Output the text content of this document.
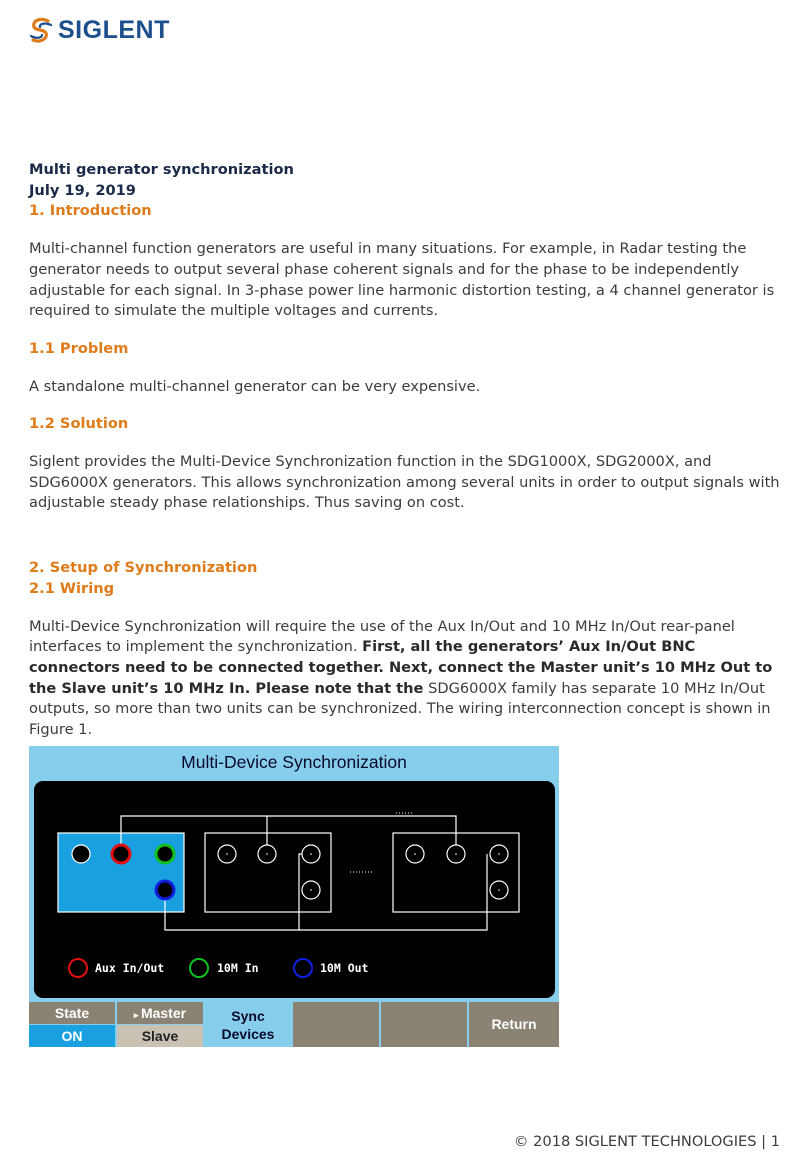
SIGLENT

Multi generator synchronization

July 19, 2019

1. Introduction

Multi-channel function generators are useful in many situations. For example, in Radar testing the generator needs to output several phase coherent signals and for the phase to be independently adjustable for each signal. In 3-phase power line harmonic distortion testing, a 4 channel generator is required to simulate the multiple voltages and currents.

1.1 Problem

A standalone multi-channel generator can be very expensive.

1.2 Solution

Siglent provides the Multi-Device Synchronization function in the SDG1000X, SDG2000X, and SDG6000X generators. This allows synchronization among several units in order to output signals with adjustable steady phase relationships. Thus saving on cost.

2. Setup of Synchronization

2.1 Wiring

Multi-Device Synchronization will require the use of the Aux In/Out and 10 MHz In/Out rear-panel interfaces to implement the synchronization. First, all the generators’ Aux In/Out BNC connectors need to be connected together. Next, connect the Master unit’s 10 MHz Out to the Slave unit’s 10 MHz In. Please note that the SDG6000X family has separate 10 MHz In/Out outputs, so more than two units can be synchronized. The wiring interconnection concept is shown in Figure 1.

Multi-Device Synchronization
Aux In/Out	10M In	10M Out
State
ON
▸ Master
Slave
Sync
Devices
Return
© 2018 SIGLENT TECHNOLOGIES | 1
